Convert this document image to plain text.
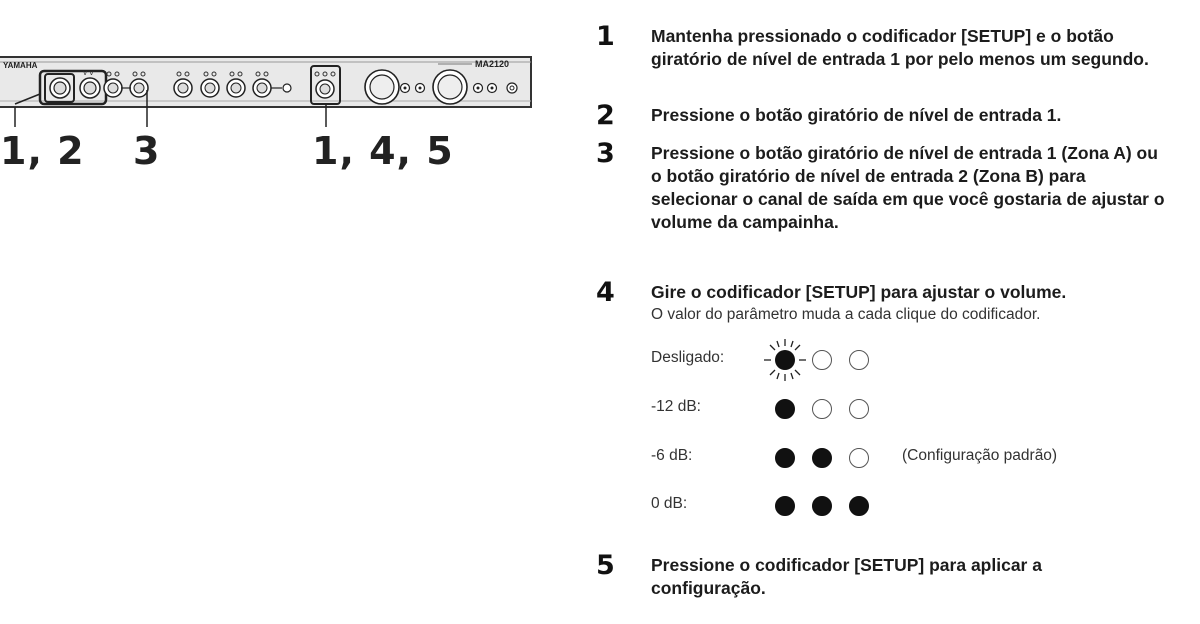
YAMAHA	MA2120
v v
1, 2 3	1, 4, 5
1	Mantenha pressionado o codificador [SETUP] e o botão giratório de nível de entrada 1 por pelo menos um segundo.
2	Pressione o botão giratório de nível de entrada 1.
3	Pressione o botão giratório de nível de entrada 1 (Zona A) ou o botão giratório de nível de entrada 2 (Zona B) para selecionar o canal de saída em que você gostaria de ajustar o volume da campainha.
4	Gire o codificador [SETUP] para ajustar o volume.
O valor do parâmetro muda a cada clique do codificador.
Desligado:
-12 dB:
-6 dB:	(Configuração padrão)
0 dB:
5	Pressione o codificador [SETUP] para aplicar a configuração.
